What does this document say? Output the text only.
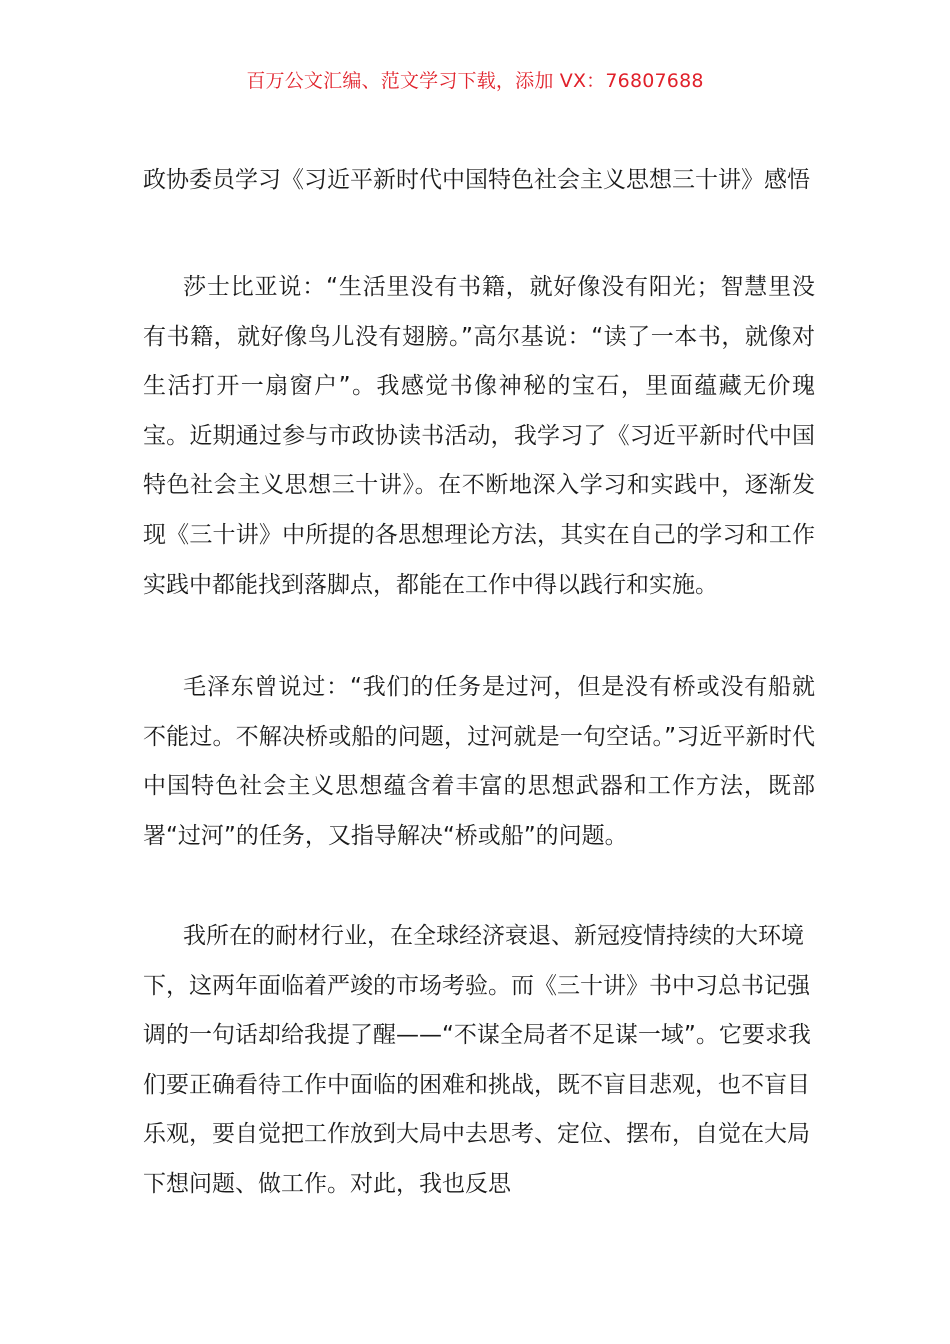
百万公文汇编、范文学习下载，添加 VX：76807688
政协委员学习《习近平新时代中国特色社会主义思想三十讲》感悟

莎士比亚说：“生活里没有书籍，就好像没有阳光；智慧里没有书籍，就好像鸟儿没有翅膀。”高尔基说：“读了一本书，就像对生活打开一扇窗户”。我感觉书像神秘的宝石，里面蕴藏无价瑰宝。近期通过参与市政协读书活动，我学习了《习近平新时代中国特色社会主义思想三十讲》。在不断地深入学习和实践中，逐渐发现《三十讲》中所提的各思想理论方法，其实在自己的学习和工作实践中都能找到落脚点，都能在工作中得以践行和实施。

毛泽东曾说过：“我们的任务是过河，但是没有桥或没有船就不能过。不解决桥或船的问题，过河就是一句空话。”习近平新时代中国特色社会主义思想蕴含着丰富的思想武器和工作方法，既部署“过河”的任务，又指导解决“桥或船”的问题。

我所在的耐材行业，在全球经济衰退、新冠疫情持续的大环境下，这两年面临着严竣的市场考验。而《三十讲》书中习总书记强调的一句话却给我提了醒——“不谋全局者不足谋一域”。它要求我们要正确看待工作中面临的困难和挑战，既不盲目悲观，也不盲目乐观，要自觉把工作放到大局中去思考、定位、摆布，自觉在大局下想问题、做工作。对此，我也反思
